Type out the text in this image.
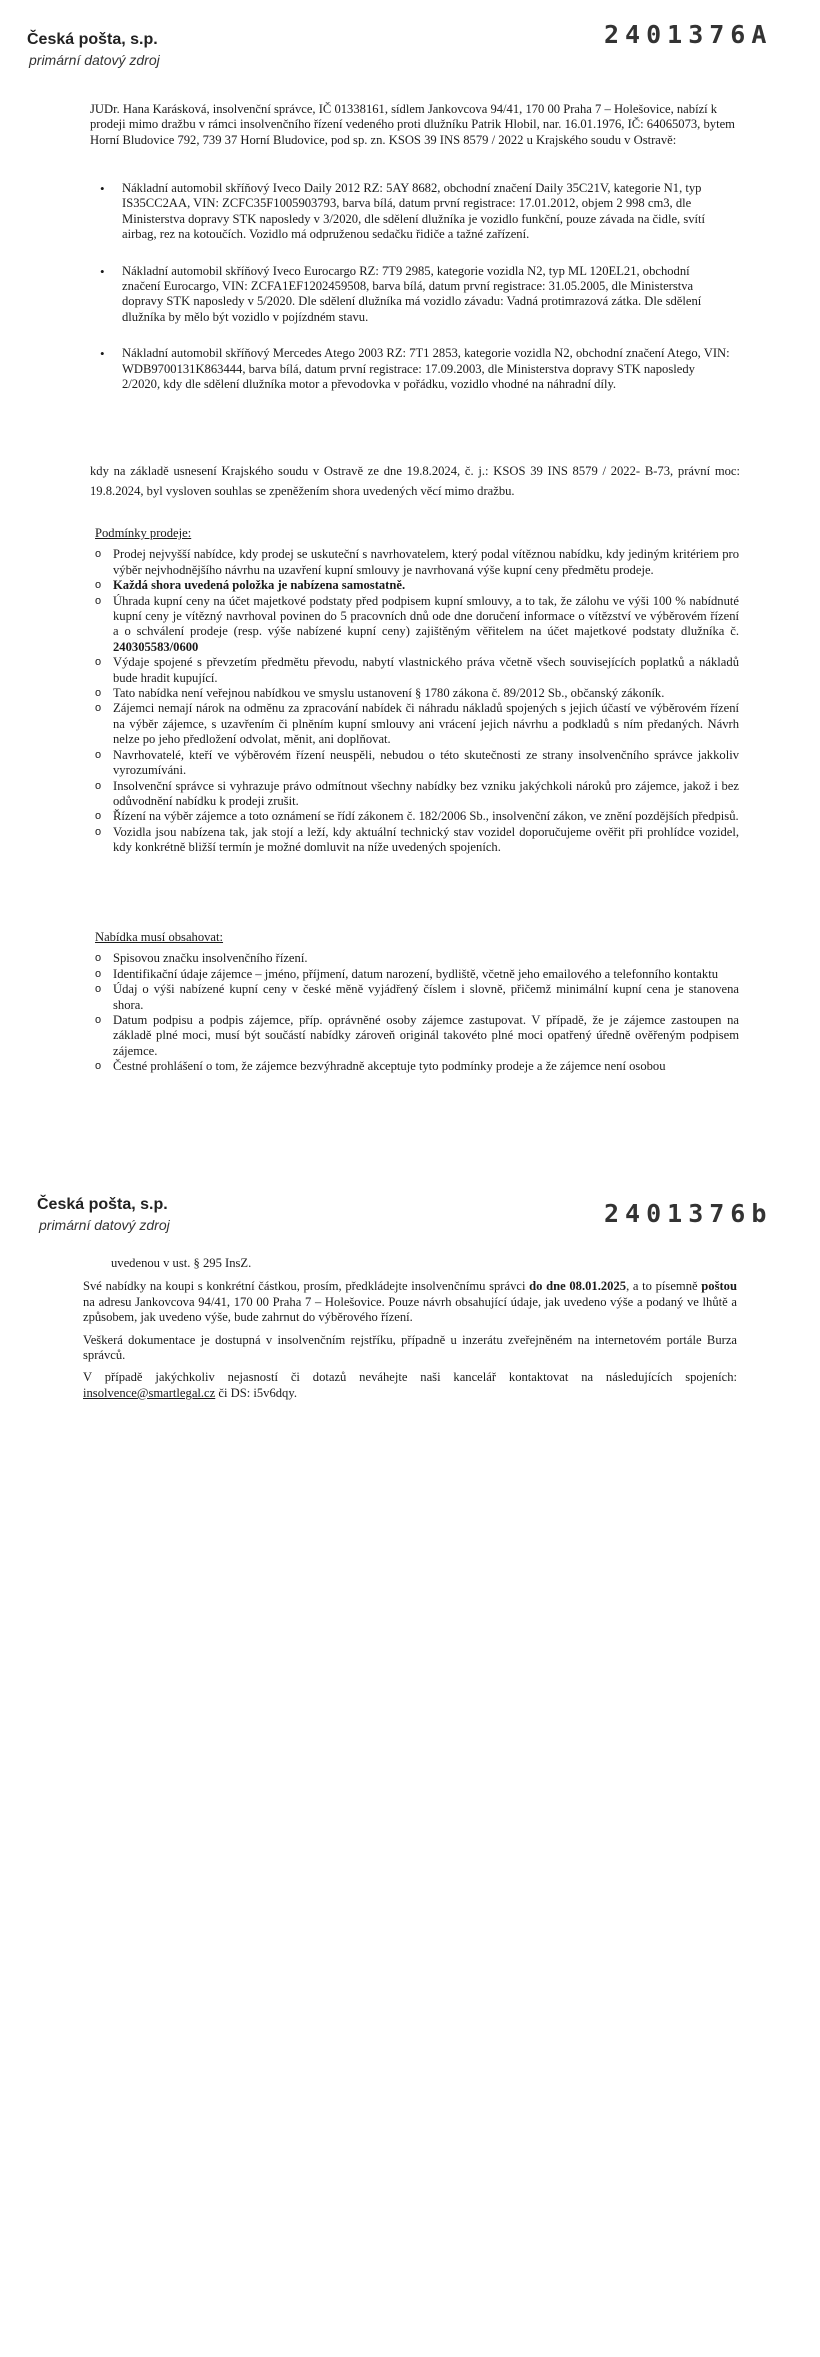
Česká pošta, s.p.
primární datový zdroj
2401376A

JUDr. Hana Karásková, insolvenční správce, IČ 01338161, sídlem Jankovcova 94/41, 170 00 Praha 7 – Holešovice, nabízí k prodeji mimo dražbu v rámci insolvenčního řízení vedeného proti dlužníku Patrik Hlobil, nar. 16.01.1976, IČ: 64065073, bytem Horní Bludovice 792, 739 37 Horní Bludovice, pod sp. zn. KSOS 39 INS 8579 / 2022 u Krajského soudu v Ostravě:

• Nákladní automobil skříňový Iveco Daily 2012 RZ: 5AY 8682, obchodní značení Daily 35C21V, kategorie N1, typ IS35CC2AA, VIN: ZCFC35F1005903793, barva bílá, datum první registrace: 17.01.2012, objem 2 998 cm3, dle Ministerstva dopravy STK naposledy v 3/2020, dle sdělení dlužníka je vozidlo funkční, pouze závada na čidle, svítí airbag, rez na kotoučích. Vozidlo má odpruženou sedačku řidiče a tažné zařízení.
• Nákladní automobil skříňový Iveco Eurocargo RZ: 7T9 2985, kategorie vozidla N2, typ ML 120EL21, obchodní značení Eurocargo, VIN: ZCFA1EF1202459508, barva bílá, datum první registrace: 31.05.2005, dle Ministerstva dopravy STK naposledy v 5/2020. Dle sdělení dlužníka má vozidlo závadu: Vadná protimrazová zátka. Dle sdělení dlužníka by mělo být vozidlo v pojízdném stavu.
• Nákladní automobil skříňový Mercedes Atego 2003 RZ: 7T1 2853, kategorie vozidla N2, obchodní značení Atego, VIN: WDB9700131K863444, barva bílá, datum první registrace: 17.09.2003, dle Ministerstva dopravy STK naposledy 2/2020, kdy dle sdělení dlužníka motor a převodovka v pořádku, vozidlo vhodné na náhradní díly.

kdy na základě usnesení Krajského soudu v Ostravě ze dne 19.8.2024, č. j.: KSOS 39 INS 8579 / 2022- B-73, právní moc: 19.8.2024, byl vysloven souhlas se zpeněžením shora uvedených věcí mimo dražbu.

Podmínky prodeje:

o Prodej nejvyšší nabídce, kdy prodej se uskuteční s navrhovatelem, který podal vítěznou nabídku, kdy jediným kritériem pro výběr nejvhodnějšího návrhu na uzavření kupní smlouvy je navrhovaná výše kupní ceny předmětu prodeje.
o Každá shora uvedená položka je nabízena samostatně.
o Úhrada kupní ceny na účet majetkové podstaty před podpisem kupní smlouvy, a to tak, že zálohu ve výši 100 % nabídnuté kupní ceny je vítězný navrhoval povinen do 5 pracovních dnů ode dne doručení informace o vítězství ve výběrovém řízení a o schválení prodeje (resp. výše nabízené kupní ceny) zajištěným věřitelem na účet majetkové podstaty dlužníka č. 240305583/0600
o Výdaje spojené s převzetím předmětu převodu, nabytí vlastnického práva včetně všech souvisejících poplatků a nákladů bude hradit kupující.
o Tato nabídka není veřejnou nabídkou ve smyslu ustanovení § 1780 zákona č. 89/2012 Sb., občanský zákoník.
o Zájemci nemají nárok na odměnu za zpracování nabídek či náhradu nákladů spojených s jejich účastí ve výběrovém řízení na výběr zájemce, s uzavřením či plněním kupní smlouvy ani vrácení jejich návrhu a podkladů s ním předaných. Návrh nelze po jeho předložení odvolat, měnit, ani doplňovat.
o Navrhovatelé, kteří ve výběrovém řízení neuspěli, nebudou o této skutečnosti ze strany insolvenčního správce jakkoliv vyrozumíváni.
o Insolvenční správce si vyhrazuje právo odmítnout všechny nabídky bez vzniku jakýchkoli nároků pro zájemce, jakož i bez odůvodnění nabídku k prodeji zrušit.
o Řízení na výběr zájemce a toto oznámení se řídí zákonem č. 182/2006 Sb., insolvenční zákon, ve znění pozdějších předpisů.
o Vozidla jsou nabízena tak, jak stojí a leží, kdy aktuální technický stav vozidel doporučujeme ověřit při prohlídce vozidel, kdy konkrétně bližší termín je možné domluvit na níže uvedených spojeních.

Nabídka musí obsahovat:

o Spisovou značku insolvenčního řízení.
o Identifikační údaje zájemce – jméno, příjmení, datum narození, bydliště, včetně jeho emailového a telefonního kontaktu
o Údaj o výši nabízené kupní ceny v české měně vyjádřený číslem i slovně, přičemž minimální kupní cena je stanovena shora.
o Datum podpisu a podpis zájemce, příp. oprávněné osoby zájemce zastupovat. V případě, že je zájemce zastoupen na základě plné moci, musí být součástí nabídky zároveň originál takovéto plné moci opatřený úředně ověřeným podpisem zájemce.
o Čestné prohlášení o tom, že zájemce bezvýhradně akceptuje tyto podmínky prodeje a že zájemce není osobou
Česká pošta, s.p.
primární datový zdroj	2401376b

uvedenou v ust. § 295 InsZ.

Své nabídky na koupi s konkrétní částkou, prosím, předkládejte insolvenčnímu správci do dne 08.01.2025, a to písemně poštou na adresu Jankovcova 94/41, 170 00 Praha 7 – Holešovice. Pouze návrh obsahující údaje, jak uvedeno výše a podaný ve lhůtě a způsobem, jak uvedeno výše, bude zahrnut do výběrového řízení.

Veškerá dokumentace je dostupná v insolvenčním rejstříku, případně u inzerátu zveřejněném na internetovém portále Burza správců.

V případě jakýchkoliv nejasností či dotazů neváhejte naši kancelář kontaktovat na následujících spojeních: insolvence@smartlegal.cz či DS: i5v6dqy.
